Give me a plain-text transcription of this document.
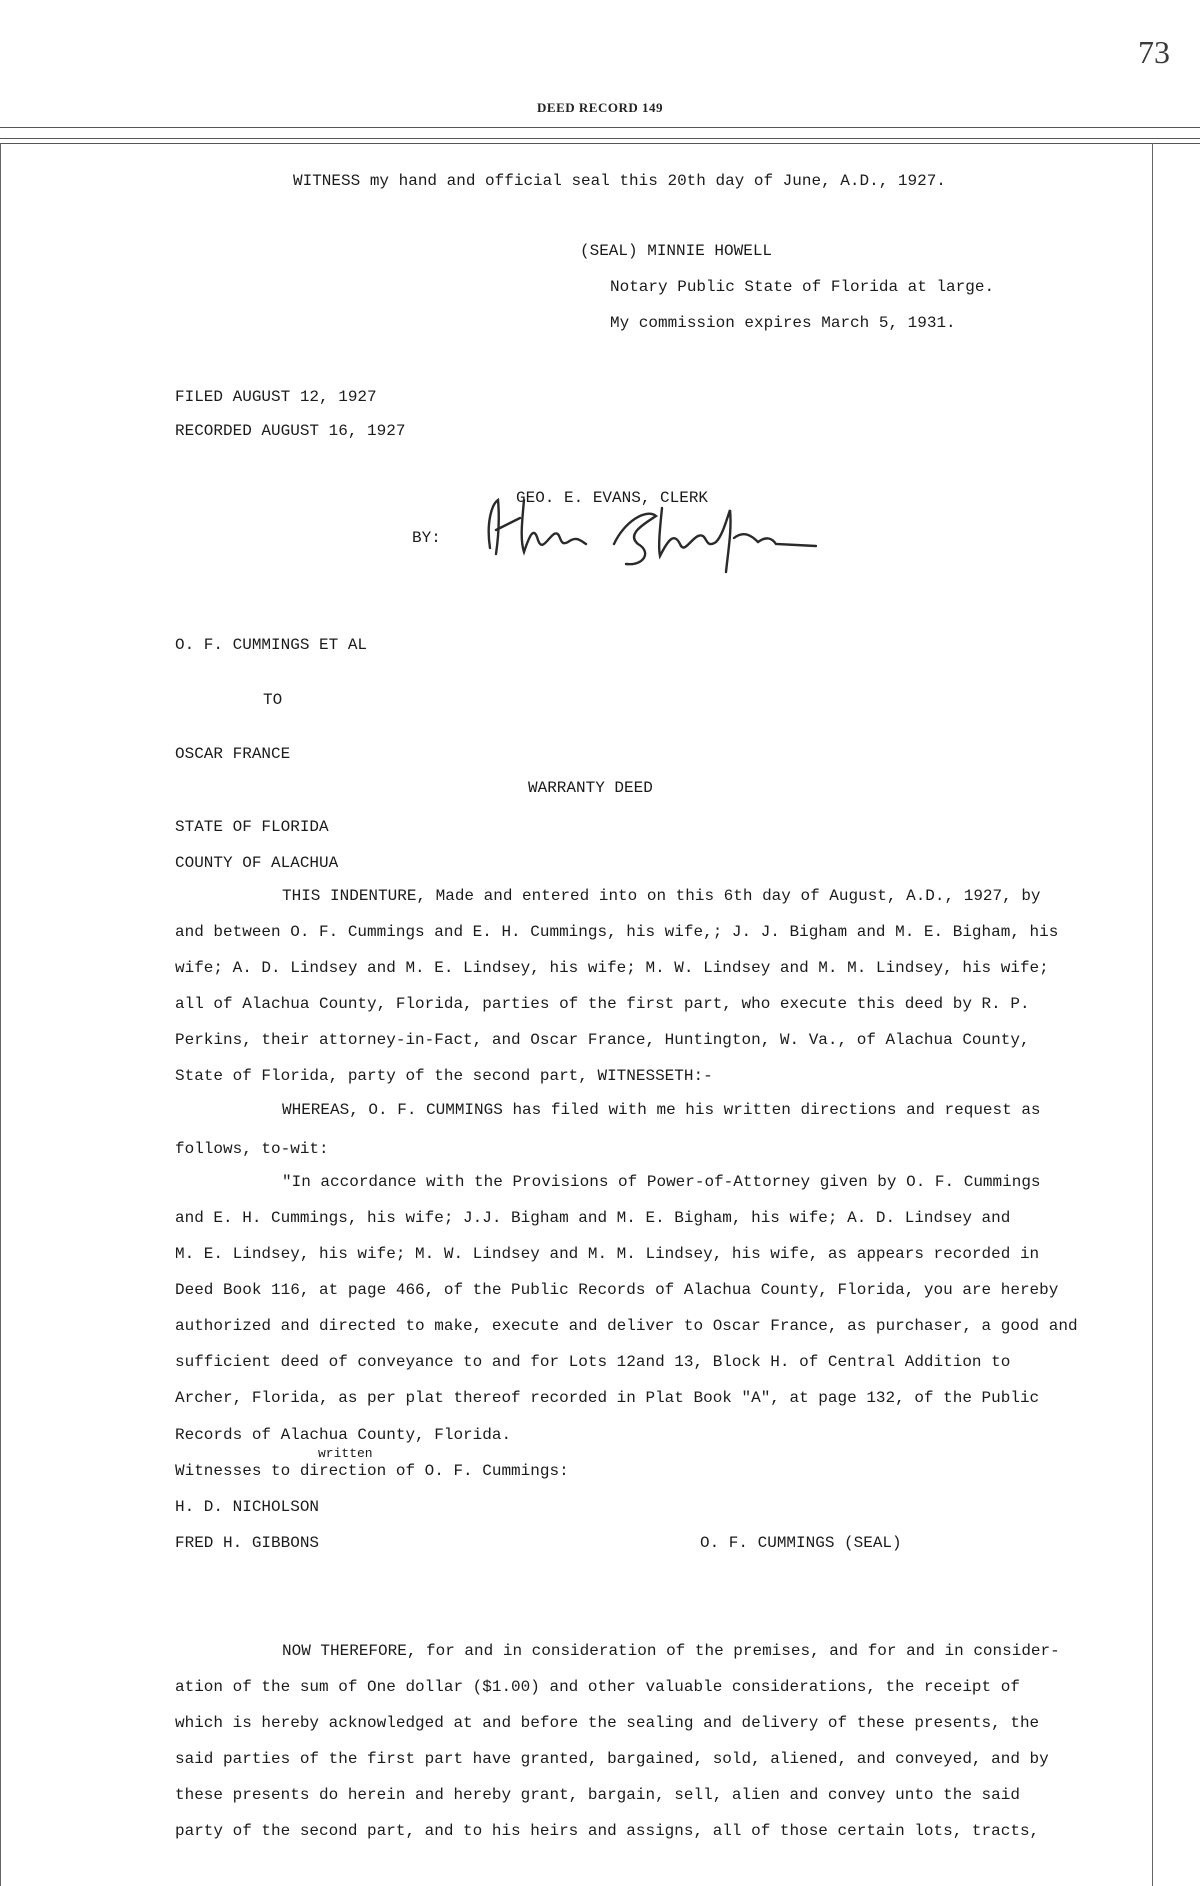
73
DEED RECORD 149
WITNESS my hand and official seal this 20th day of June, A.D., 1927.
(SEAL) MINNIE HOWELL
Notary Public State of Florida at large.
My commission expires March 5, 1931.
FILED AUGUST 12, 1927
RECORDED AUGUST 16, 1927
GEO. E. EVANS, CLERK
BY:
O. F. CUMMINGS ET AL
TO
OSCAR FRANCE
WARRANTY DEED
STATE OF FLORIDA
COUNTY OF ALACHUA
THIS INDENTURE, Made and entered into on this 6th day of August, A.D., 1927, by
and between O. F. Cummings and E. H. Cummings, his wife,; J. J. Bigham and M. E. Bigham, his
wife; A. D. Lindsey and M. E. Lindsey, his wife; M. W. Lindsey and M. M. Lindsey, his wife;
all of Alachua County, Florida, parties of the first part, who execute this deed by R. P.
Perkins, their attorney-in-Fact, and Oscar France, Huntington, W. Va., of Alachua County,
State of Florida, party of the second part, WITNESSETH:-
WHEREAS, O. F. CUMMINGS has filed with me his written directions and request as
follows, to-wit:
"In accordance with the Provisions of Power-of-Attorney given by O. F. Cummings
and E. H. Cummings, his wife; J.J. Bigham and M. E. Bigham, his wife; A. D. Lindsey and
M. E. Lindsey, his wife; M. W. Lindsey and M. M. Lindsey, his wife, as appears recorded in
Deed Book 116, at page 466, of the Public Records of Alachua County, Florida, you are hereby
authorized and directed to make, execute and deliver to Oscar France, as purchaser, a good and
sufficient deed of conveyance to and for Lots 12and 13, Block H. of Central Addition to
Archer, Florida, as per plat thereof recorded in Plat Book "A", at page 132, of the Public
Records of Alachua County, Florida.
written
Witnesses to direction of O. F. Cummings:
H. D. NICHOLSON
FRED H. GIBBONS	O. F. CUMMINGS (SEAL)
NOW THEREFORE, for and in consideration of the premises, and for and in consider-
ation of the sum of One dollar ($1.00) and other valuable considerations, the receipt of
which is hereby acknowledged at and before the sealing and delivery of these presents, the
said parties of the first part have granted, bargained, sold, aliened, and conveyed, and by
these presents do herein and hereby grant, bargain, sell, alien and convey unto the said
party of the second part, and to his heirs and assigns, all of those certain lots, tracts,
